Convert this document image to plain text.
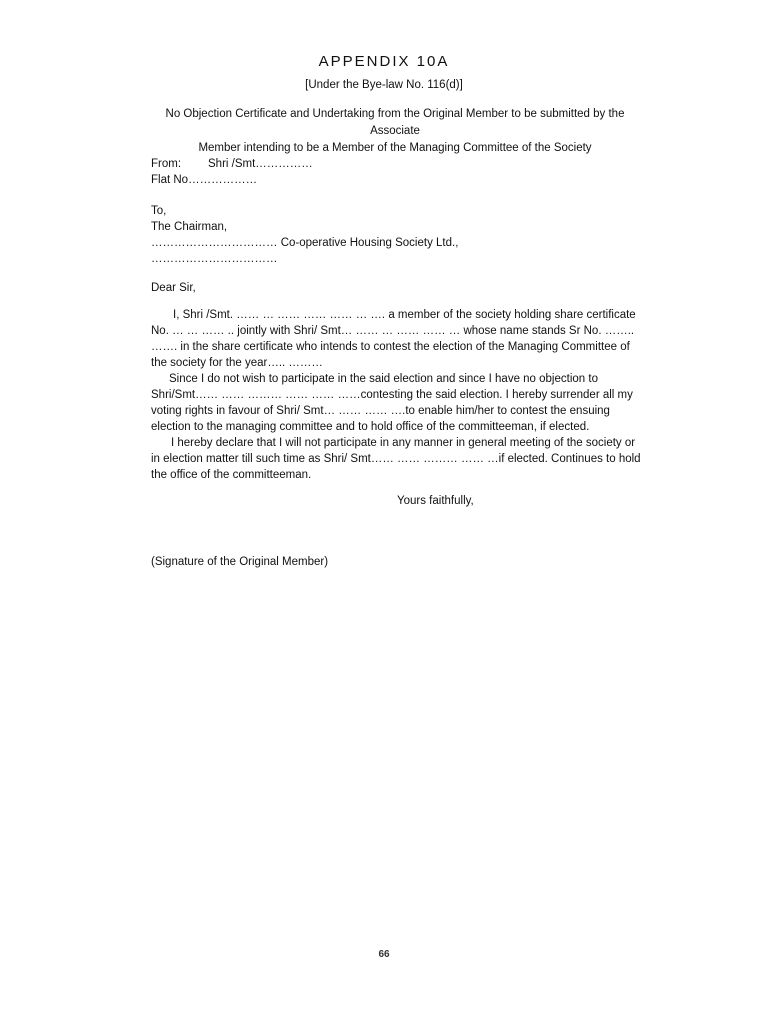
APPENDIX 10A
[Under the Bye-law No. 116(d)]
No Objection Certificate and Undertaking from the Original Member to be submitted by the Associate
Member intending to be a Member of the Managing Committee of the Society
From: Shri /Smt……………
Flat No………………
To,
The Chairman,
…………………………… Co-operative Housing Society Ltd.,
……………………………
Dear Sir,

I, Shri /Smt. …… … …… …… …… … …. a member of the society holding share certificate No. … … …… .. jointly with Shri/ Smt… …… … …… …… … whose name stands Sr No. …….. ……. in the share certificate who intends to contest the election of the Managing Committee of the society for the year….. ………

Since I do not wish to participate in the said election and since I have no objection to Shri/Smt…… …… ……… …… …… ……contesting the said election. I hereby surrender all my voting rights in favour of Shri/ Smt… …… …… ….to enable him/her to contest the ensuing election to the managing committee and to hold office of the committeeman, if elected.

I hereby declare that I will not participate in any manner in general meeting of the society or in election matter till such time as Shri/ Smt…… …… ……… …… …if elected. Continues to hold the office of the committeeman.

Yours faithfully,
(Signature of the Original Member)
66
